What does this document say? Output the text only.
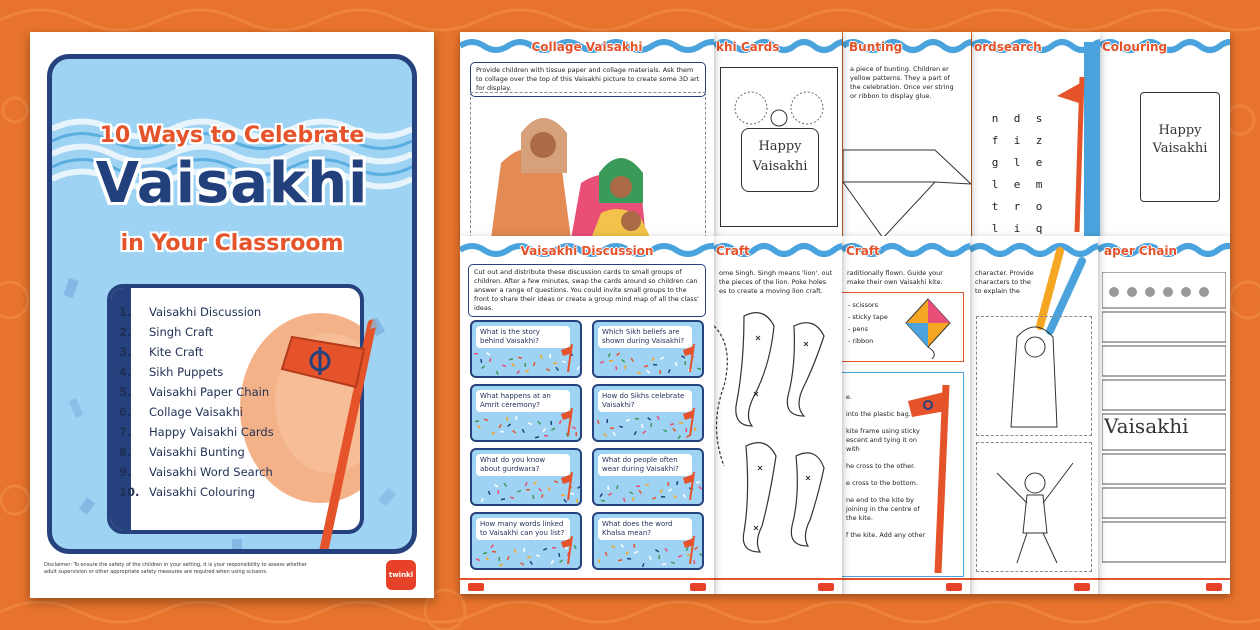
10 Ways to Celebrate
Vaisakhi
in Your Classroom
1.	Vaisakhi Discussion
2.	Singh Craft
3.	Kite Craft
4.	Sikh Puppets
5.	Vaisakhi Paper Chain
6.	Collage Vaisakhi
7.	Happy Vaisakhi Cards
8.	Vaisakhi Bunting
9.	Vaisakhi Word Search
10. Vaisakhi Colouring
Disclaimer: To ensure the safety of the children in your setting, it is your responsibility to assess whether adult supervision or other appropriate safety measures are required when using scissors.	twinkl
Colouring
Happy
Vaisakhi
ordsearch
n	d	s
f	i	z
g	l	e
l	e	m
t	r	o
l	i	q
Bunting
a piece of bunting. Children er yellow patterns. They a part of the celebration. Once ver string or ribbon to display glue.
khi Cards
Happy
Vaisakhi
Collage Vaisakhi
Provide children with tissue paper and collage materials. Ask them to collage over the top of this Vaisakhi picture to create some 3D art for display.
aper Chain
Vaisakhi
character. Provide characters to the to explain the
Craft
raditionally flown. Guide your make their own Vaisakhi kite.
- scissors
- sticky tape
- pens
- ribbon
e.
into the plastic bag.
kite frame using sticky escent and tying it on with
he cross to the other.
e cross to the bottom.
ne end to the kite by joining in the centre of the kite.
f the kite. Add any other
Craft
ome Singh. Singh means 'lion'. out the pieces of the lion. Poke holes es to create a moving lion craft.
Vaisakhi Discussion
Cut out and distribute these discussion cards to small groups of children. After a few minutes, swap the cards around so children can answer a range of questions. You could invite small groups to the front to share their ideas or create a group mind map of all the class' ideas.
What is the story behind Vaisakhi?
Which Sikh beliefs are shown during Vaisakhi?
What happens at an Amrit ceremony?
How do Sikhs celebrate Vaisakhi?
What do you know about gurdwara?
What do people often wear during Vaisakhi?
How many words linked to Vaisakhi can you list?
What does the word Khalsa mean?
